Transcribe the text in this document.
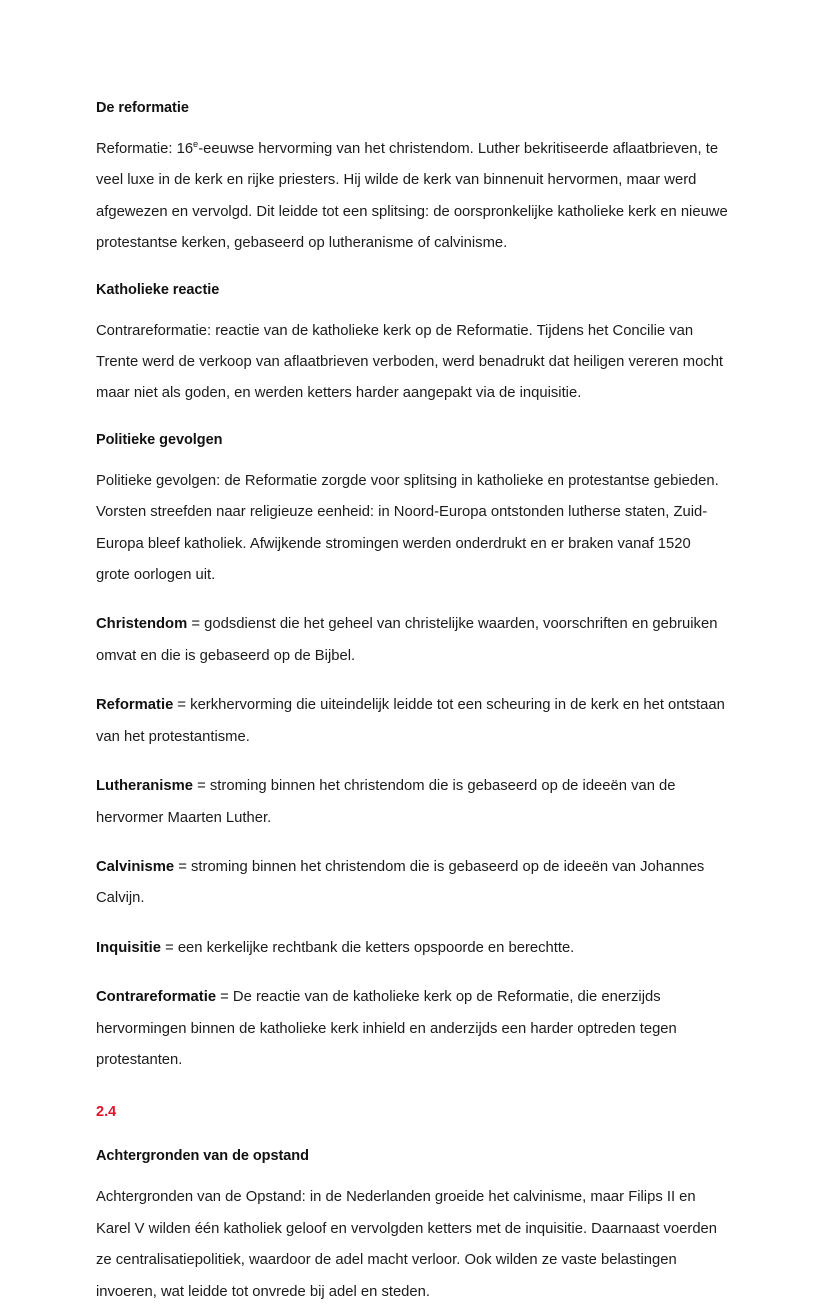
De reformatie

Reformatie: 16e-eeuwse hervorming van het christendom. Luther bekritiseerde aflaatbrieven, te veel luxe in de kerk en rijke priesters. Hij wilde de kerk van binnenuit hervormen, maar werd afgewezen en vervolgd. Dit leidde tot een splitsing: de oorspronkelijke katholieke kerk en nieuwe protestantse kerken, gebaseerd op lutheranisme of calvinisme.

Katholieke reactie

Contrareformatie: reactie van de katholieke kerk op de Reformatie. Tijdens het Concilie van Trente werd de verkoop van aflaatbrieven verboden, werd benadrukt dat heiligen vereren mocht maar niet als goden, en werden ketters harder aangepakt via de inquisitie.

Politieke gevolgen

Politieke gevolgen: de Reformatie zorgde voor splitsing in katholieke en protestantse gebieden. Vorsten streefden naar religieuze eenheid: in Noord-Europa ontstonden lutherse staten, Zuid-Europa bleef katholiek. Afwijkende stromingen werden onderdrukt en er braken vanaf 1520 grote oorlogen uit.

Christendom = godsdienst die het geheel van christelijke waarden, voorschriften en gebruiken omvat en die is gebaseerd op de Bijbel.

Reformatie = kerkhervorming die uiteindelijk leidde tot een scheuring in de kerk en het ontstaan van het protestantisme.

Lutheranisme = stroming binnen het christendom die is gebaseerd op de ideeën van de hervormer Maarten Luther.

Calvinisme = stroming binnen het christendom die is gebaseerd op de ideeën van Johannes Calvijn.

Inquisitie = een kerkelijke rechtbank die ketters opspoorde en berechtte.

Contrareformatie = De reactie van de katholieke kerk op de Reformatie, die enerzijds hervormingen binnen de katholieke kerk inhield en anderzijds een harder optreden tegen protestanten.

2.4
Achtergronden van de opstand

Achtergronden van de Opstand: in de Nederlanden groeide het calvinisme, maar Filips II en Karel V wilden één katholiek geloof en vervolgden ketters met de inquisitie. Daarnaast voerden ze centralisatiepolitiek, waardoor de adel macht verloor. Ook wilden ze vaste belastingen invoeren, wat leidde tot onvrede bij adel en steden.
